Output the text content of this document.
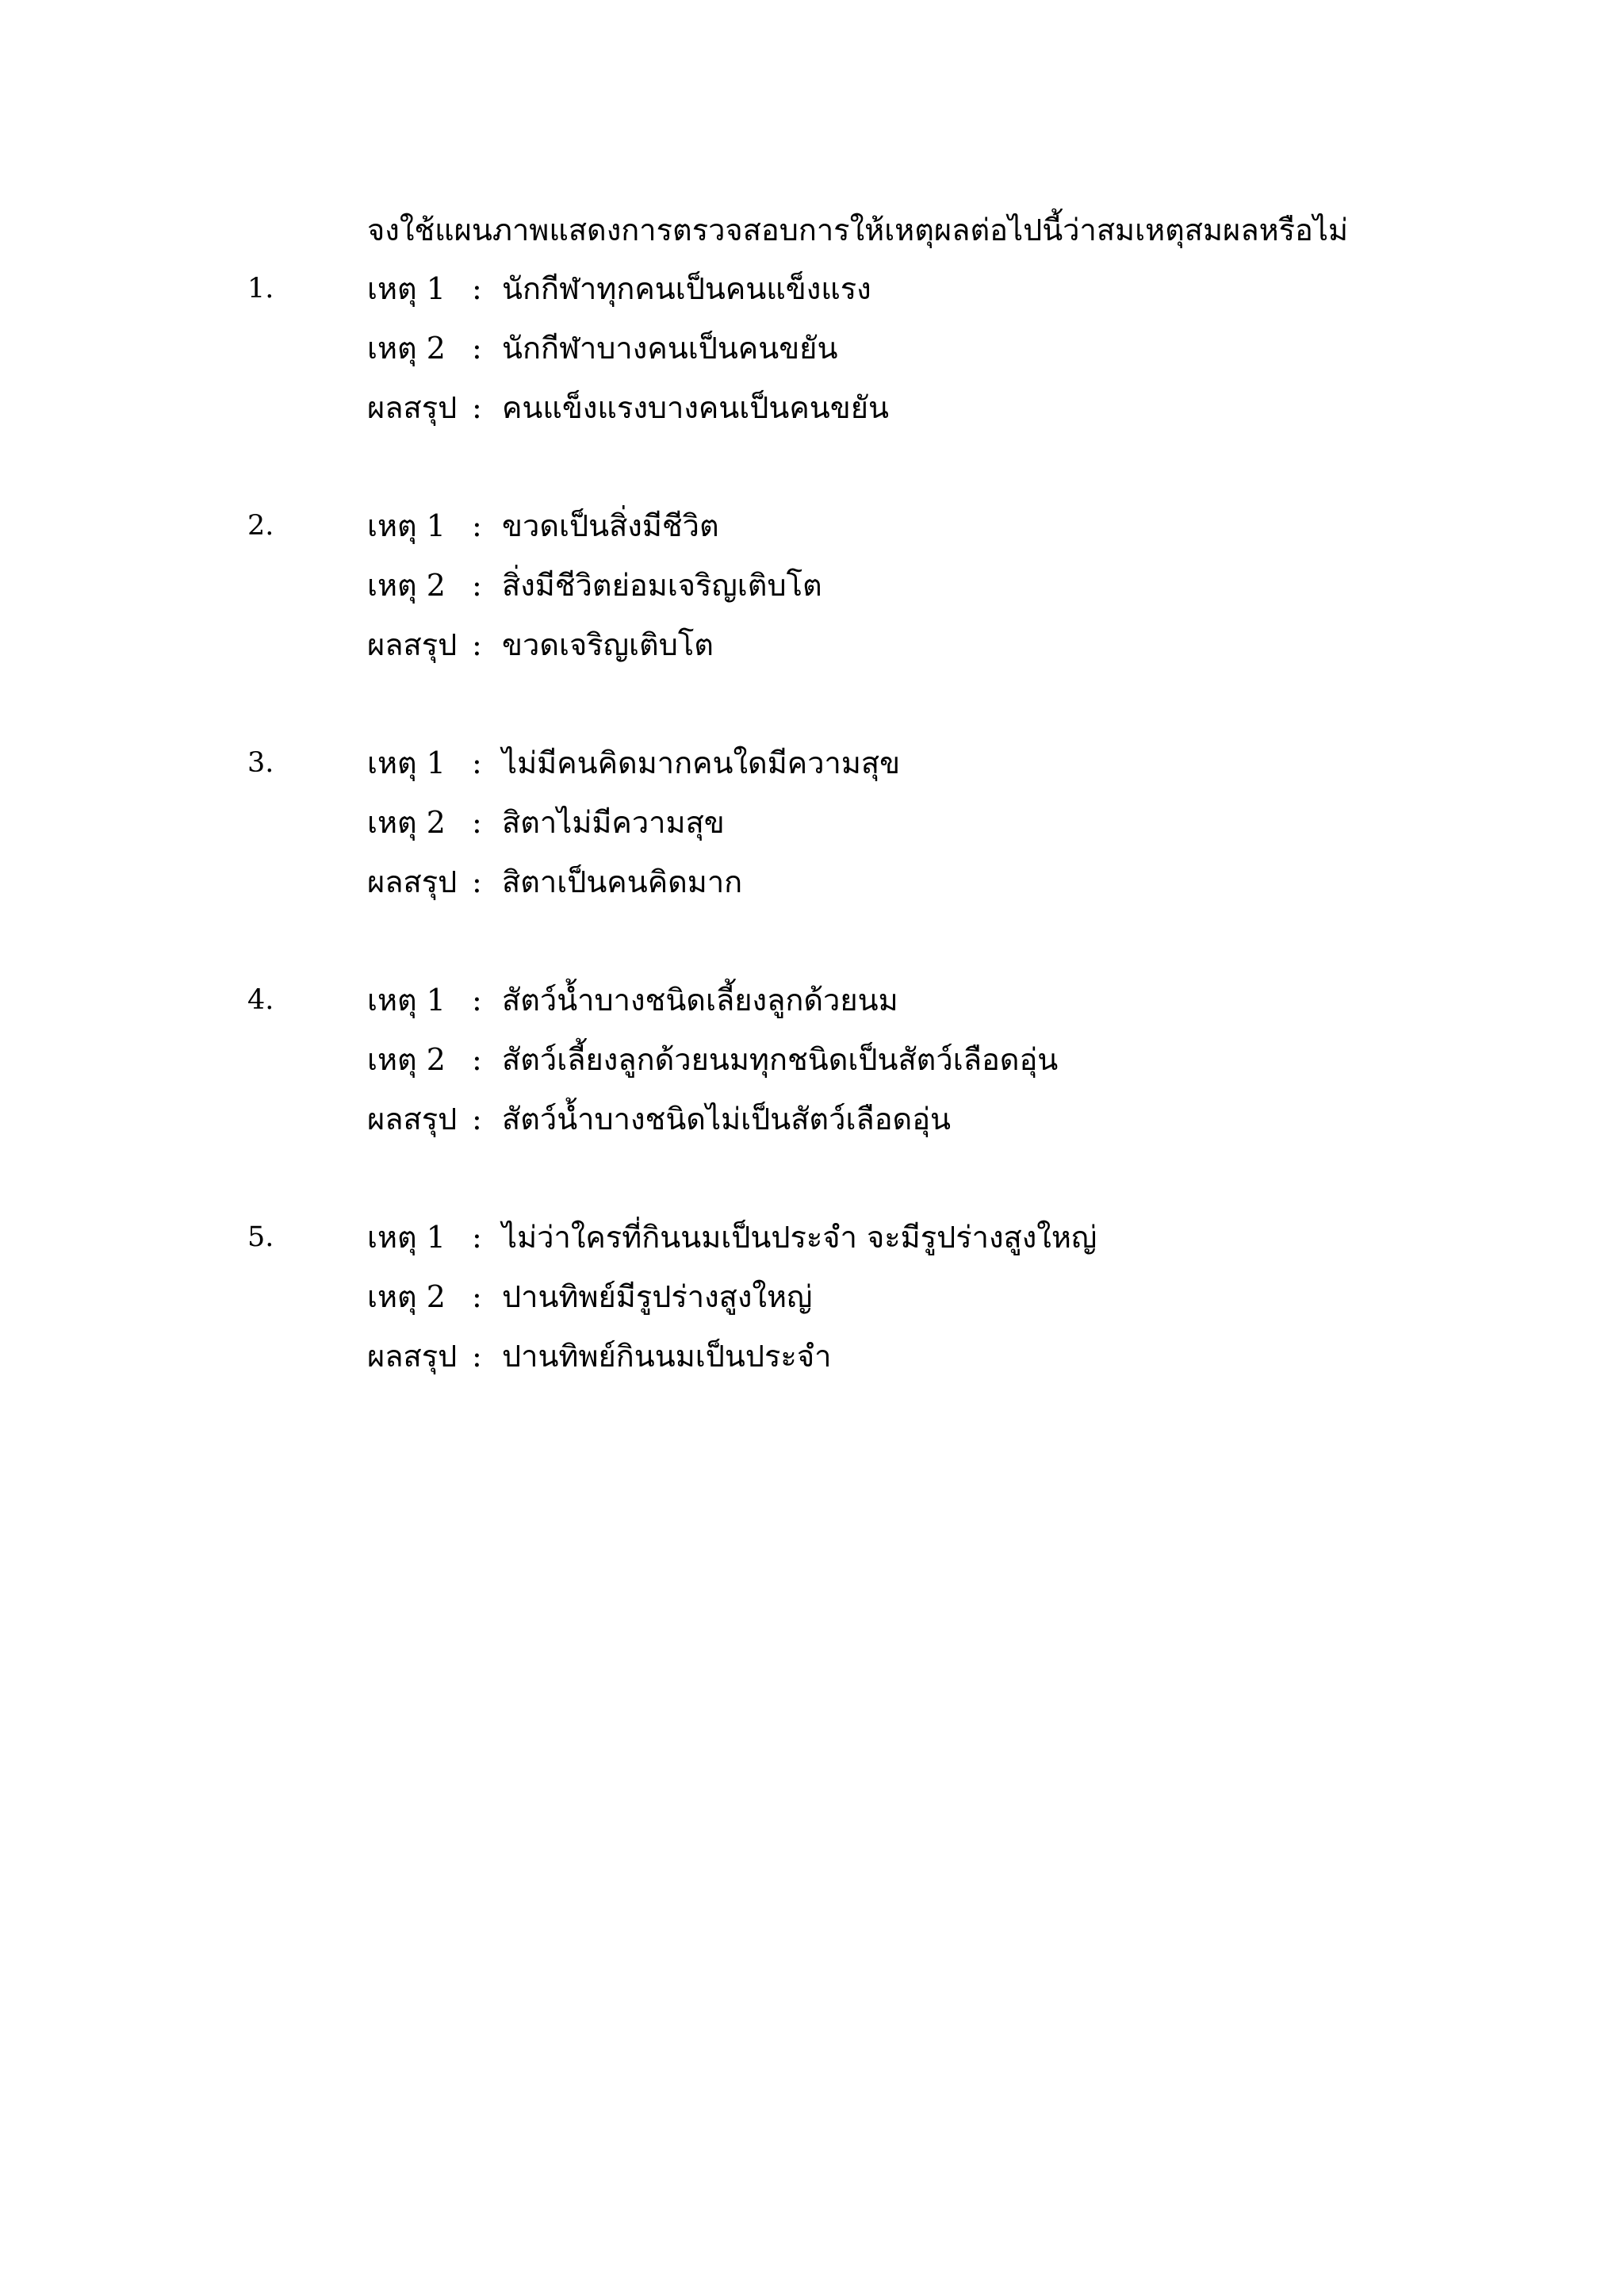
จงใช้แผนภาพแสดงการตรวจสอบการให้เหตุผลต่อไปนี้ว่าสมเหตุสมผลหรือไม่
1.	เหตุ 1 : นักกีฬาทุกคนเป็นคนแข็งแรง
เหตุ 2 : นักกีฬาบางคนเป็นคนขยัน
ผลสรุป : คนแข็งแรงบางคนเป็นคนขยัน
2.	เหตุ 1 : ขวดเป็นสิ่งมีชีวิต
เหตุ 2 : สิ่งมีชีวิตย่อมเจริญเติบโต
ผลสรุป : ขวดเจริญเติบโต
3.	เหตุ 1 : ไม่มีคนคิดมากคนใดมีความสุข
เหตุ 2 : สิตาไม่มีความสุข
ผลสรุป : สิตาเป็นคนคิดมาก
4.	เหตุ 1 : สัตว์น้ำบางชนิดเลี้ยงลูกด้วยนม
เหตุ 2 : สัตว์เลี้ยงลูกด้วยนมทุกชนิดเป็นสัตว์เลือดอุ่น
ผลสรุป : สัตว์น้ำบางชนิดไม่เป็นสัตว์เลือดอุ่น
5.	เหตุ 1 : ไม่ว่าใครที่กินนมเป็นประจำ จะมีรูปร่างสูงใหญ่
เหตุ 2 : ปานทิพย์มีรูปร่างสูงใหญ่
ผลสรุป : ปานทิพย์กินนมเป็นประจำ
